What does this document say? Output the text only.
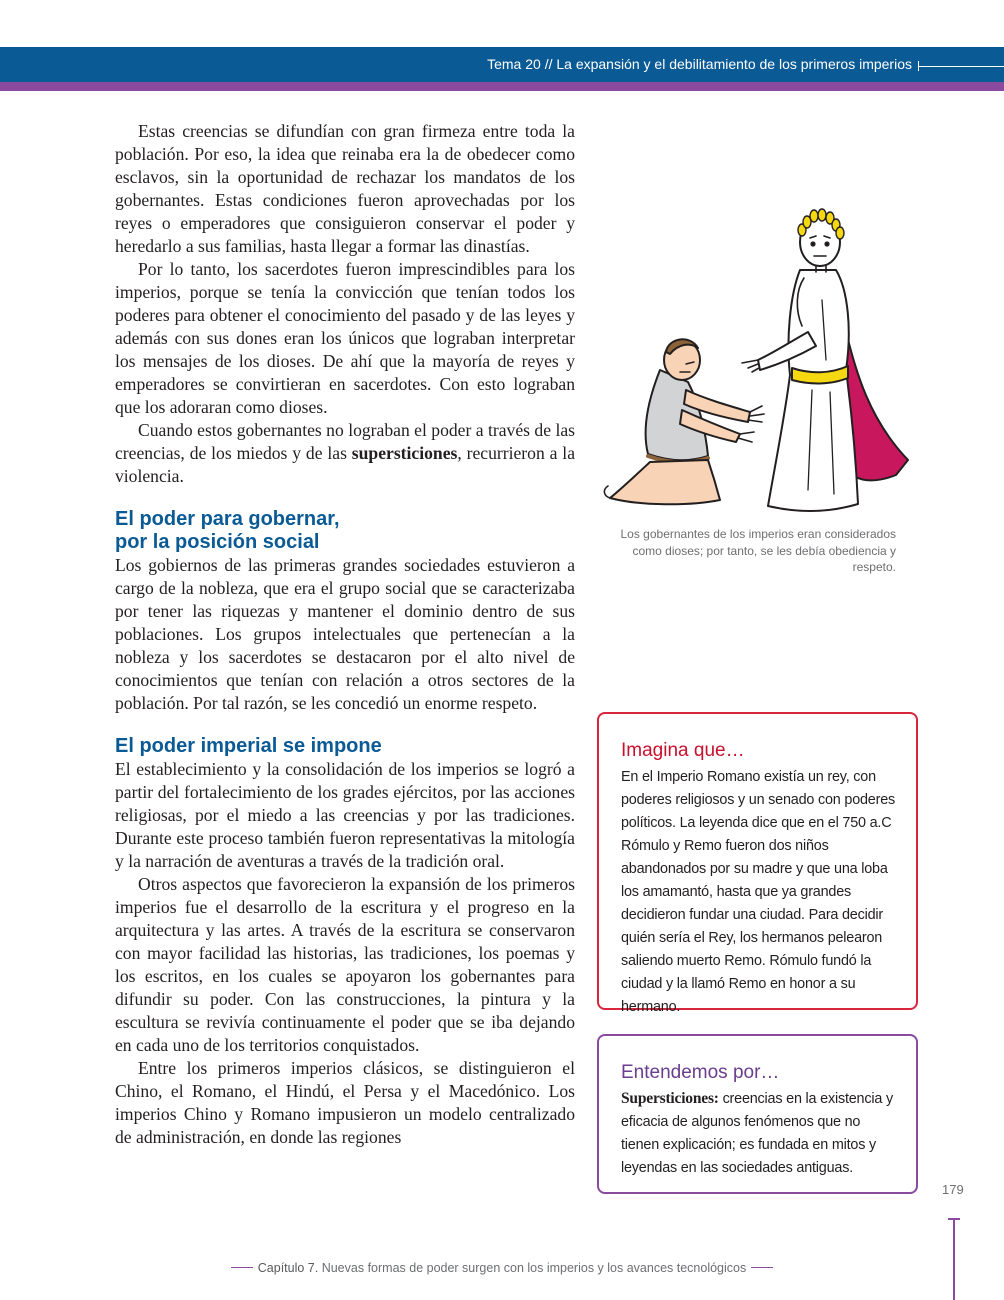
Tema 20 // La expansión y el debilitamiento de los primeros imperios

Estas creencias se difundían con gran firmeza entre toda la población. Por eso, la idea que reinaba era la de obedecer como esclavos, sin la oportunidad de rechazar los mandatos de los gobernantes. Estas condiciones fueron aprovechadas por los reyes o emperadores que consiguieron conservar el poder y heredarlo a sus familias, hasta llegar a formar las dinastías.

Por lo tanto, los sacerdotes fueron imprescindibles para los imperios, porque se tenía la convicción que tenían todos los poderes para obtener el conocimiento del pasado y de las leyes y además con sus dones eran los únicos que lograban interpretar los mensajes de los dioses. De ahí que la mayoría de reyes y emperadores se convirtieran en sacerdotes. Con esto lograban que los adoraran como dioses.

Cuando estos gobernantes no lograban el poder a través de las creencias, de los miedos y de las supersticiones, recurrieron a la violencia.

El poder para gobernar,
por la posición social

Los gobiernos de las primeras grandes sociedades estuvieron a cargo de la nobleza, que era el grupo social que se caracterizaba por tener las riquezas y mantener el dominio dentro de sus poblaciones. Los grupos intelectuales que pertenecían a la nobleza y los sacerdotes se destacaron por el alto nivel de conocimientos que tenían con relación a otros sectores de la población. Por tal razón, se les concedió un enorme respeto.

El poder imperial se impone

El establecimiento y la consolidación de los imperios se logró a partir del fortalecimiento de los grades ejércitos, por las acciones religiosas, por el miedo a las creencias y por las tradiciones. Durante este proceso también fueron representativas la mitología y la narración de aventuras a través de la tradición oral.

Otros aspectos que favorecieron la expansión de los primeros imperios fue el desarrollo de la escritura y el progreso en la arquitectura y las artes. A través de la escritura se conservaron con mayor facilidad las historias, las tradiciones, los poemas y los escritos, en los cuales se apoyaron los gobernantes para difundir su poder. Con las construcciones, la pintura y la escultura se revivía continuamente el poder que se iba dejando en cada uno de los territorios conquistados.

Entre los primeros imperios clásicos, se distinguieron el Chino, el Romano, el Hindú, el Persa y el Macedónico. Los imperios Chino y Romano impusieron un modelo centralizado de administración, en donde las regiones

Los gobernantes de los imperios eran considerados como dioses; por tanto, se les debía obediencia y respeto.
Imagina que…
En el Imperio Romano existía un rey, con poderes religiosos y un senado con poderes políticos. La leyenda dice que en el 750 a.C Rómulo y Remo fueron dos niños abandonados por su madre y que una loba los amamantó, hasta que ya grandes decidieron fundar una ciudad. Para decidir quién sería el Rey, los hermanos pelearon saliendo muerto Remo. Rómulo fundó la ciudad y la llamó Remo en honor a su hermano.
Entendemos por…
Supersticiones: creencias en la existencia y eficacia de algunos fenómenos que no tienen explicación; es fundada en mitos y leyendas en las sociedades antiguas.
179
Capítulo 7. Nuevas formas de poder surgen con los imperios y los avances tecnológicos
